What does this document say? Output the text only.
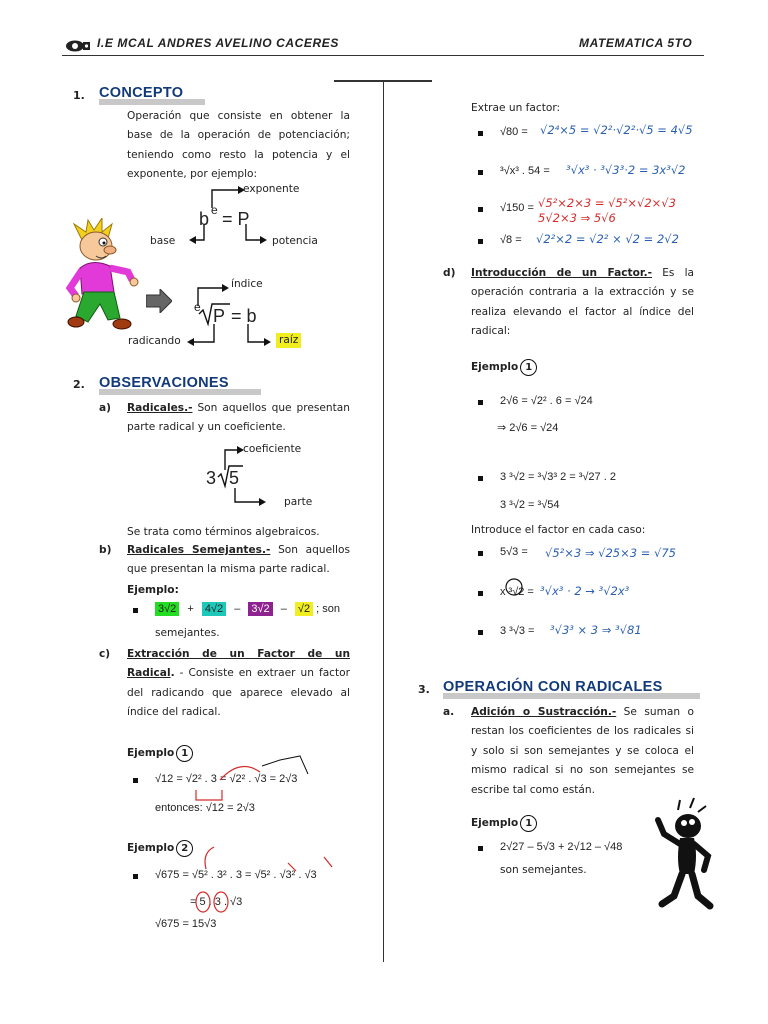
I.E MCAL ANDRES AVELINO CACERES	MATEMATICA 5TO
1. CONCEPTO
Operación que consiste en obtener la base de la operación de potenciación; teniendo como resto la potencia y el exponente, por ejemplo:
b e = P
exponente
base	potencia
e P = b
índice
radicando	raíz
2. OBSERVACIONES
a) Radicales.- Son aquellos que presentan parte radical y un coeficiente.
3 5
coeficiente
parte
Se trata como términos algebraicos.
b) Radicales Semejantes.- Son aquellos que presentan la misma parte radical.
Ejemplo:
3√2 + 4√2 – 3√2 – √2 ; son
semejantes.
c) Extracción de un Factor de un Radical. - Consiste en extraer un factor del radicando que aparece elevado al índice del radical.
Ejemplo 1
√12 = √2² . 3 = √2² . √3 = 2√3
entonces: √12 = 2√3
Ejemplo 2
√675 = √5² . 3² . 3 = √5² . √3² . √3
= 5 . 3 . √3
√675 = 15√3
Extrae un factor:
√80 = √2⁴×5 = √2²·√2²·√5 = 4√5
³√x³ . 54 = ³√x³ · ³√3³·2 = 3x³√2
√150 = √5²×2×3 = √5²×√2×√3 5√2×3 ⇒ 5√6
√8 = √2²×2 = √2² × √2 = 2√2
d) Introducción de un Factor.- Es la operación contraria a la extracción y se realiza elevando el factor al índice del radical:
Ejemplo 1
2√6 = √2² . 6 = √24
⇒ 2√6 = √24
3 ³√2 = ³√3³ 2 = ³√27 . 2
3 ³√2 = ³√54
Introduce el factor en cada caso:
5√3 = √5²×3 ⇒ √25×3 = √75
x ³√2 = ³√x³ · 2 → ³√2x³
3 ³√3 = ³√3³ × 3 ⇒ ³√81
3. OPERACIÓN CON RADICALES
a. Adición o Sustracción.- Se suman o restan los coeficientes de los radicales si y solo si son semejantes y se coloca el mismo radical si no son semejantes se escribe tal como están.
Ejemplo 1
2√27 – 5√3 + 2√12 – √48
son semejantes.
